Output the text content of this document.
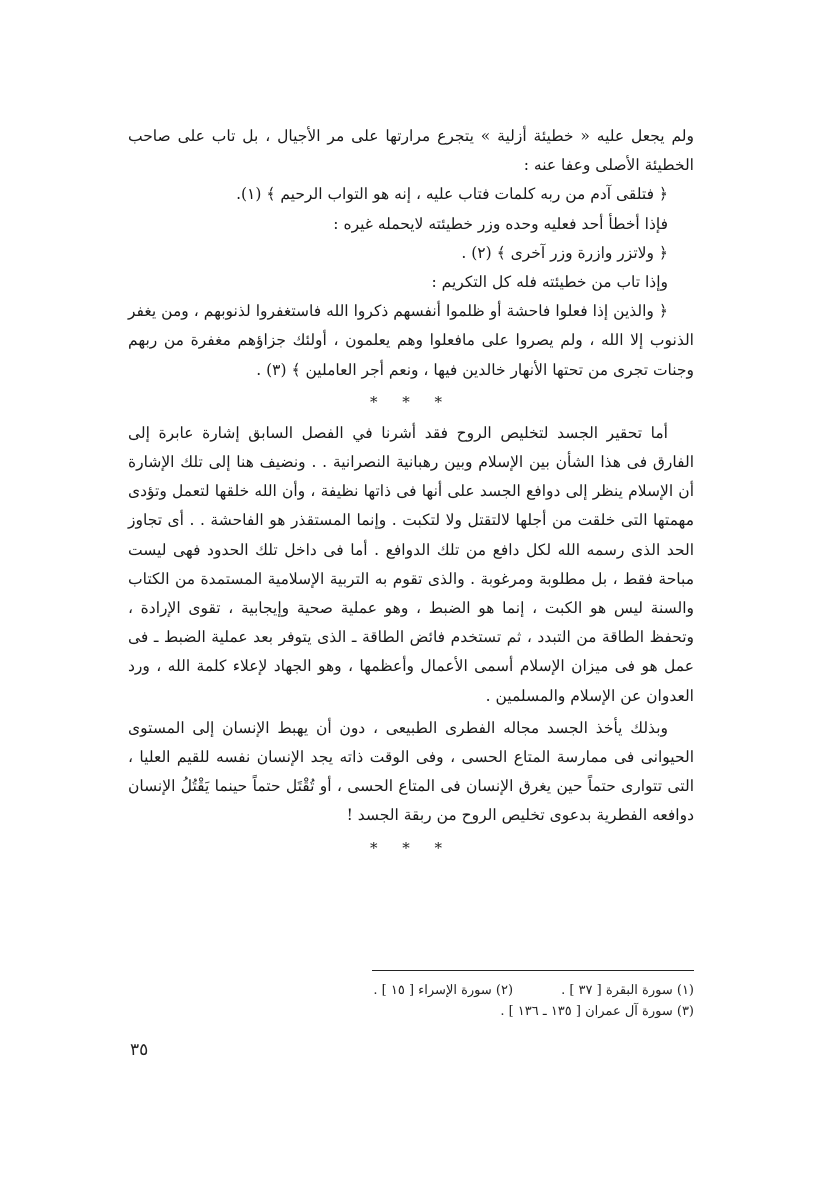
ولم يجعل عليه « خطيئة أزلية » يتجرع مرارتها على مر الأجيال ، بل تاب على صاحب الخطيئة الأصلى وعفا عنه :

﴿ فتلقى آدم من ربه كلمات فتاب عليه ، إنه هو التواب الرحيم ﴾ (١).

فإذا أخطأ أحد فعليه وحده وزر خطيئته لايحمله غيره :

﴿ ولاتزر وازرة وزر آخرى ﴾ (٢) .

وإذا تاب من خطيئته فله كل التكريم :

﴿ والذين إذا فعلوا فاحشة أو ظلموا أنفسهم ذكروا الله فاستغفروا لذنوبهم ، ومن يغفر الذنوب إلا الله ، ولم يصروا على مافعلوا وهم يعلمون ، أولئك جزاؤهم مغفرة من ربهم وجنات تجرى من تحتها الأنهار خالدين فيها ، ونعم أجر العاملين ﴾ (٣) .

* * *

أما تحقير الجسد لتخليص الروح فقد أشرنا في الفصل السابق إشارة عابرة إلى الفارق فى هذا الشأن بين الإسلام وبين رهبانية النصرانية . . ونضيف هنا إلى تلك الإشارة أن الإسلام ينظر إلى دوافع الجسد على أنها فى ذاتها نظيفة ، وأن الله خلقها لتعمل وتؤدى مهمتها التى خلقت من أجلها لالتقتل ولا لتكبت . وإنما المستقذر هو الفاحشة . . أى تجاوز الحد الذى رسمه الله لكل دافع من تلك الدوافع . أما فى داخل تلك الحدود فهى ليست مباحة فقط ، بل مطلوبة ومرغوبة . والذى تقوم به التربية الإسلامية المستمدة من الكتاب والسنة ليس هو الكبت ، إنما هو الضبط ، وهو عملية صحية وإيجابية ، تقوى الإرادة ، وتحفظ الطاقة من التبدد ، ثم تستخدم فائض الطاقة ـ الذى يتوفر بعد عملية الضبط ـ فى عمل هو فى ميزان الإسلام أسمى الأعمال وأعظمها ، وهو الجهاد لإعلاء كلمة الله ، ورد العدوان عن الإسلام والمسلمين .

وبذلك يأخذ الجسد مجاله الفطرى الطبيعى ، دون أن يهبط الإنسان إلى المستوى الحيوانى فى ممارسة المتاع الحسى ، وفى الوقت ذاته يجد الإنسان نفسه للقيم العليا ، التى تتوارى حتماً حين يغرق الإنسان فى المتاع الحسى ، أو تُقْتَل حتماً حينما يَقْتُلُ الإنسان دوافعه الفطرية بدعوى تخليص الروح من ربقة الجسد !

* * *
(١) سورة البقرة [ ٣٧ ] .
(٢) سورة الإسراء [ ١٥ ] .
(٣) سورة آل عمران [ ١٣٥ ـ ١٣٦ ] .
٣٥
